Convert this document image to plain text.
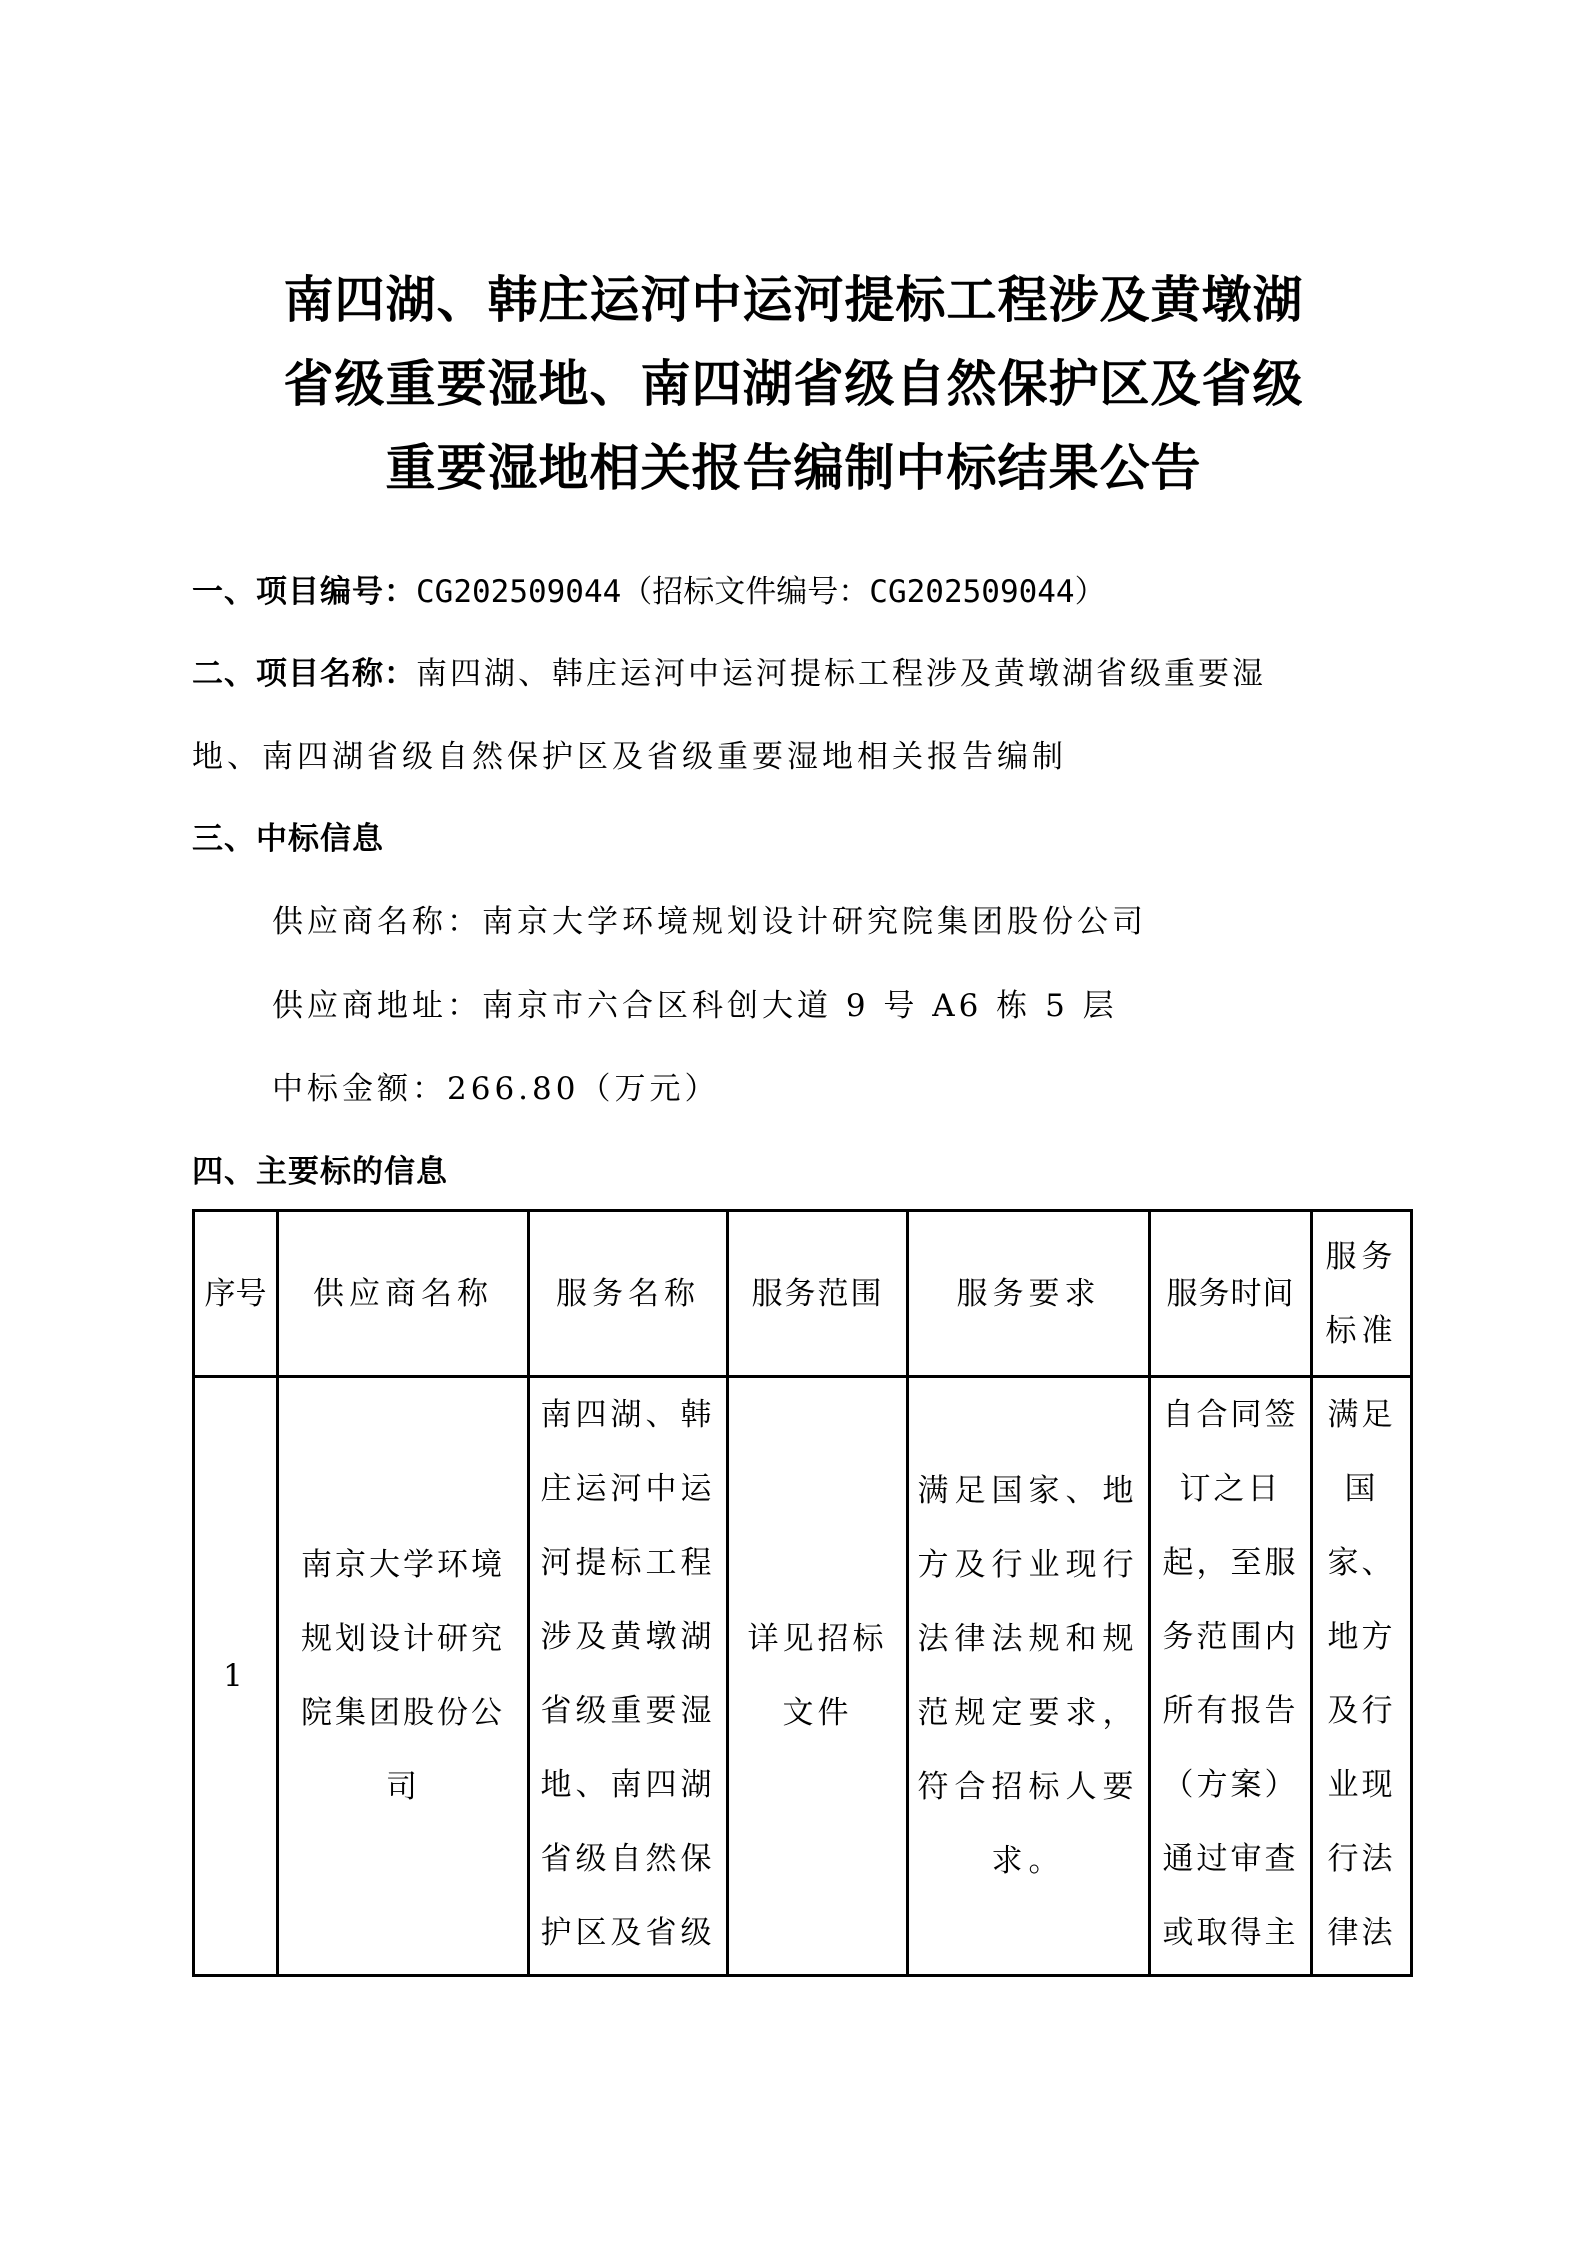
南四湖、韩庄运河中运河提标工程涉及黄墩湖
省级重要湿地、南四湖省级自然保护区及省级
重要湿地相关报告编制中标结果公告
一、项目编号：CG202509044（招标文件编号：CG202509044）
二、项目名称：南四湖、韩庄运河中运河提标工程涉及黄墩湖省级重要湿
地、南四湖省级自然保护区及省级重要湿地相关报告编制
三、中标信息
供应商名称：南京大学环境规划设计研究院集团股份公司
供应商地址：南京市六合区科创大道 9 号 A6 栋 5 层
中标金额：266.80（万元）
四、主要标的信息
序号	供应商名称	服务名称	服务范围	服务要求	服务时间	服务标准
1	南京大学环境规划设计研究院集团股份公司	南四湖、韩庄运河中运河提标工程涉及黄墩湖省级重要湿地、南四湖省级自然保护区及省级	详见招标文件	满足国家、地方及行业现行法律法规和规范规定要求，符合招标人要求。	自合同签订之日起，至服务范围内所有报告（方案）通过审查或取得主	满足国家、地方及行业现行法律法
